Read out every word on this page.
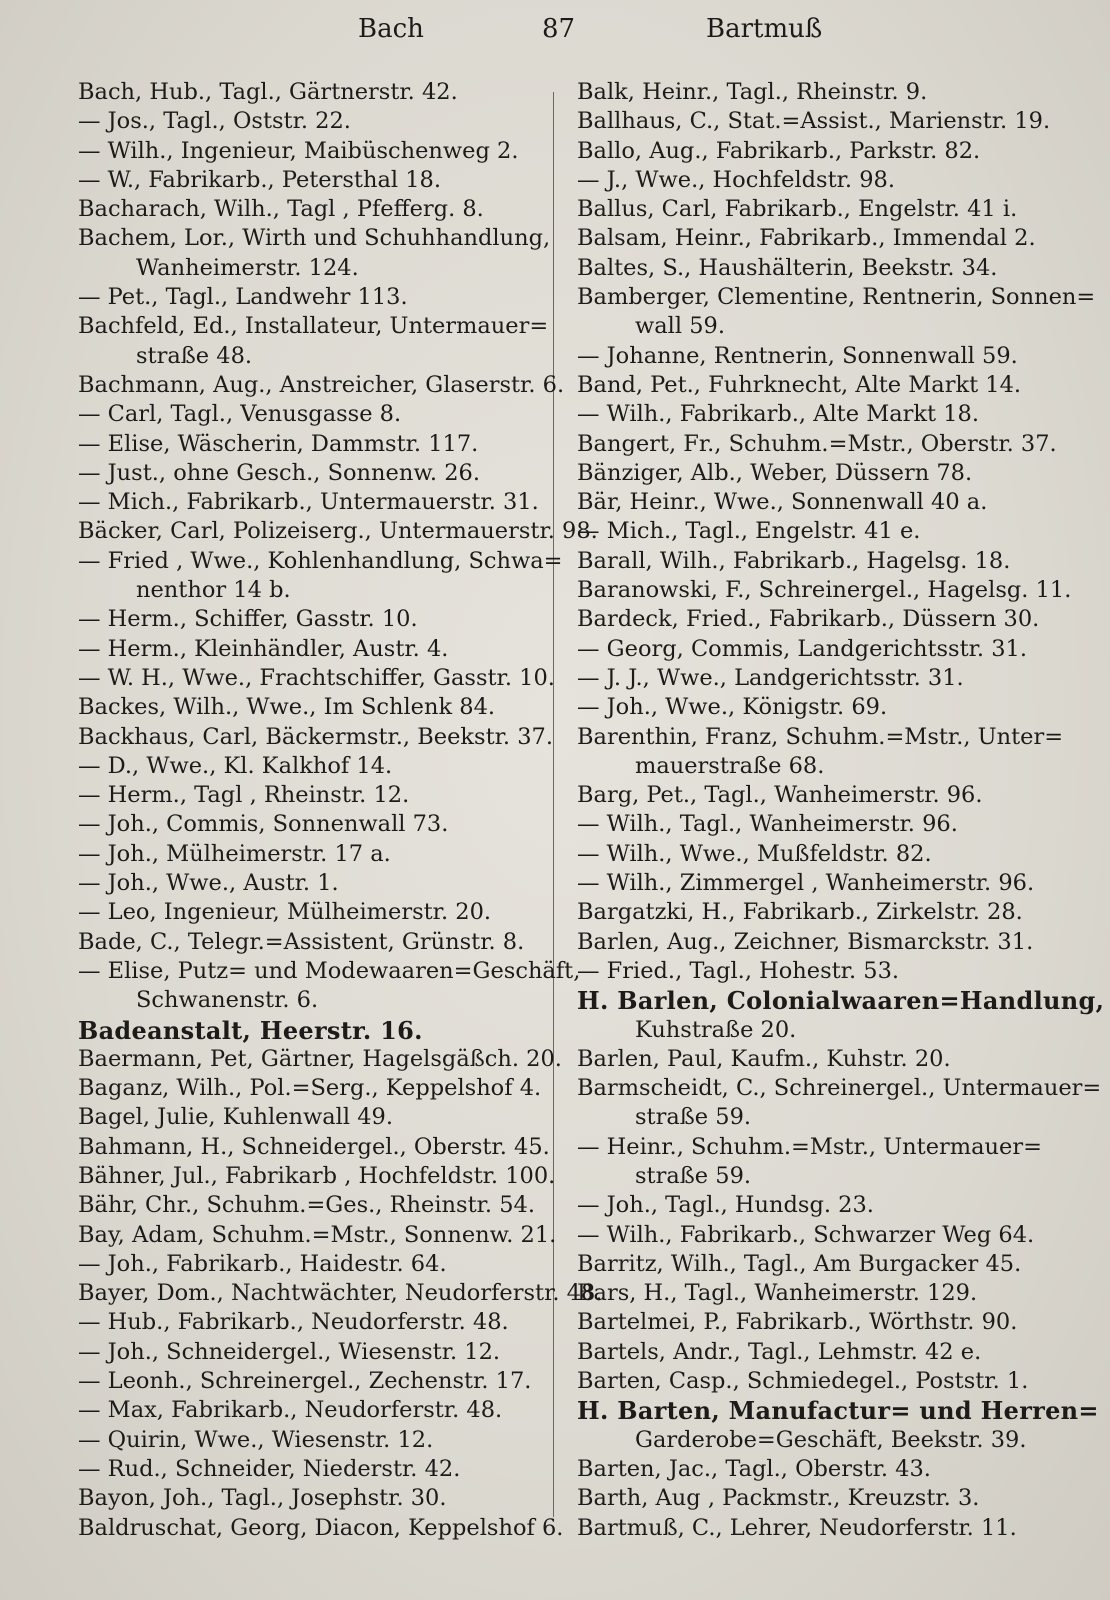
Bach	87	Bartmuß
Bach, Hub., Tagl., Gärtnerstr. 42.
— Jos., Tagl., Oststr. 22.
— Wilh., Ingenieur, Maibüschenweg 2.
— W., Fabrikarb., Petersthal 18.
Bacharach, Wilh., Tagl , Pfefferg. 8.
Bachem, Lor., Wirth und Schuhhandlung,
Wanheimerstr. 124.
— Pet., Tagl., Landwehr 113.
Bachfeld, Ed., Installateur, Untermauer=
straße 48.
Bachmann, Aug., Anstreicher, Glaserstr. 6.
— Carl, Tagl., Venusgasse 8.
— Elise, Wäscherin, Dammstr. 117.
— Just., ohne Gesch., Sonnenw. 26.
— Mich., Fabrikarb., Untermauerstr. 31.
Bäcker, Carl, Polizeiserg., Untermauerstr. 98.
— Fried , Wwe., Kohlenhandlung, Schwa=
nenthor 14 b.
— Herm., Schiffer, Gasstr. 10.
— Herm., Kleinhändler, Austr. 4.
— W. H., Wwe., Frachtschiffer, Gasstr. 10.
Backes, Wilh., Wwe., Im Schlenk 84.
Backhaus, Carl, Bäckermstr., Beekstr. 37.
— D., Wwe., Kl. Kalkhof 14.
— Herm., Tagl , Rheinstr. 12.
— Joh., Commis, Sonnenwall 73.
— Joh., Mülheimerstr. 17 a.
— Joh., Wwe., Austr. 1.
— Leo, Ingenieur, Mülheimerstr. 20.
Bade, C., Telegr.=Assistent, Grünstr. 8.
— Elise, Putz= und Modewaaren=Geschäft,
Schwanenstr. 6.
Badeanstalt, Heerstr. 16.
Baermann, Pet, Gärtner, Hagelsgäßch. 20.
Baganz, Wilh., Pol.=Serg., Keppelshof 4.
Bagel, Julie, Kuhlenwall 49.
Bahmann, H., Schneidergel., Oberstr. 45.
Bähner, Jul., Fabrikarb , Hochfeldstr. 100.
Bähr, Chr., Schuhm.=Ges., Rheinstr. 54.
Bay, Adam, Schuhm.=Mstr., Sonnenw. 21.
— Joh., Fabrikarb., Haidestr. 64.
Bayer, Dom., Nachtwächter, Neudorferstr. 48.
— Hub., Fabrikarb., Neudorferstr. 48.
— Joh., Schneidergel., Wiesenstr. 12.
— Leonh., Schreinergel., Zechenstr. 17.
— Max, Fabrikarb., Neudorferstr. 48.
— Quirin, Wwe., Wiesenstr. 12.
— Rud., Schneider, Niederstr. 42.
Bayon, Joh., Tagl., Josephstr. 30.
Baldruschat, Georg, Diacon, Keppelshof 6.
Balk, Heinr., Tagl., Rheinstr. 9.
Ballhaus, C., Stat.=Assist., Marienstr. 19.
Ballo, Aug., Fabrikarb., Parkstr. 82.
— J., Wwe., Hochfeldstr. 98.
Ballus, Carl, Fabrikarb., Engelstr. 41 i.
Balsam, Heinr., Fabrikarb., Immendal 2.
Baltes, S., Haushälterin, Beekstr. 34.
Bamberger, Clementine, Rentnerin, Sonnen=
wall 59.
— Johanne, Rentnerin, Sonnenwall 59.
Band, Pet., Fuhrknecht, Alte Markt 14.
— Wilh., Fabrikarb., Alte Markt 18.
Bangert, Fr., Schuhm.=Mstr., Oberstr. 37.
Bänziger, Alb., Weber, Düssern 78.
Bär, Heinr., Wwe., Sonnenwall 40 a.
— Mich., Tagl., Engelstr. 41 e.
Barall, Wilh., Fabrikarb., Hagelsg. 18.
Baranowski, F., Schreinergel., Hagelsg. 11.
Bardeck, Fried., Fabrikarb., Düssern 30.
— Georg, Commis, Landgerichtsstr. 31.
— J. J., Wwe., Landgerichtsstr. 31.
— Joh., Wwe., Königstr. 69.
Barenthin, Franz, Schuhm.=Mstr., Unter=
mauerstraße 68.
Barg, Pet., Tagl., Wanheimerstr. 96.
— Wilh., Tagl., Wanheimerstr. 96.
— Wilh., Wwe., Mußfeldstr. 82.
— Wilh., Zimmergel , Wanheimerstr. 96.
Bargatzki, H., Fabrikarb., Zirkelstr. 28.
Barlen, Aug., Zeichner, Bismarckstr. 31.
— Fried., Tagl., Hohestr. 53.
H. Barlen, Colonialwaaren=Handlung,
Kuhstraße 20.
Barlen, Paul, Kaufm., Kuhstr. 20.
Barmscheidt, C., Schreinergel., Untermauer=
straße 59.
— Heinr., Schuhm.=Mstr., Untermauer=
straße 59.
— Joh., Tagl., Hundsg. 23.
— Wilh., Fabrikarb., Schwarzer Weg 64.
Barritz, Wilh., Tagl., Am Burgacker 45.
Bars, H., Tagl., Wanheimerstr. 129.
Bartelmei, P., Fabrikarb., Wörthstr. 90.
Bartels, Andr., Tagl., Lehmstr. 42 e.
Barten, Casp., Schmiedegel., Poststr. 1.
H. Barten, Manufactur= und Herren=
Garderobe=Geschäft, Beekstr. 39.
Barten, Jac., Tagl., Oberstr. 43.
Barth, Aug , Packmstr., Kreuzstr. 3.
Bartmuß, C., Lehrer, Neudorferstr. 11.
